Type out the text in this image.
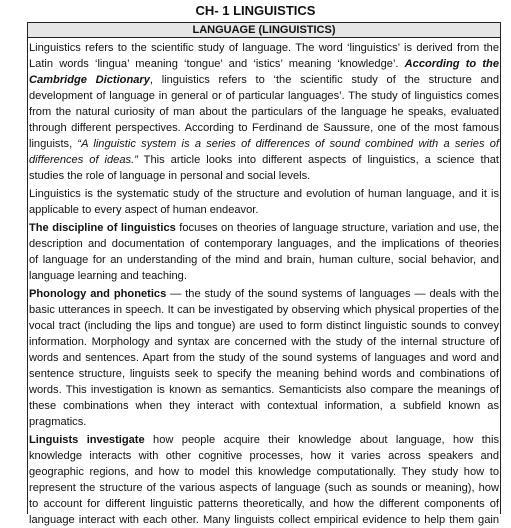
CH- 1 LINGUISTICS
LANGUAGE (LINGUISTICS)
Linguistics refers to the scientific study of language. The word ‘linguistics’ is derived from the
Latin words ‘lingua’ meaning ‘tongue’ and ‘istics’ meaning ‘knowledge’. According to the
Cambridge Dictionary, linguistics refers to ‘the scientific study of the structure and
development of language in general or of particular languages’. The study of linguistics comes
from the natural curiosity of man about the particulars of the language he speaks, evaluated
through different perspectives. According to Ferdinand de Saussure, one of the most famous
linguists, “A linguistic system is a series of differences of sound combined with a series of
differences of ideas.” This article looks into different aspects of linguistics, a science that
studies the role of language in personal and social levels.
Linguistics is the systematic study of the structure and evolution of human language, and it is
applicable to every aspect of human endeavor.
The discipline of linguistics focuses on theories of language structure, variation and use, the
description and documentation of contemporary languages, and the implications of theories
of language for an understanding of the mind and brain, human culture, social behavior, and
language learning and teaching.
Phonology and phonetics — the study of the sound systems of languages — deals with the
basic utterances in speech. It can be investigated by observing which physical properties of the
vocal tract (including the lips and tongue) are used to form distinct linguistic sounds to convey
information. Morphology and syntax are concerned with the study of the internal structure of
words and sentences. Apart from the study of the sound systems of languages and word and
sentence structure, linguists seek to specify the meaning behind words and combinations of
words. This investigation is known as semantics. Semanticists also compare the meanings of
these combinations when they interact with contextual information, a subfield known as
pragmatics.
Linguists investigate how people acquire their knowledge about language, how this
knowledge interacts with other cognitive processes, how it varies across speakers and
geographic regions, and how to model this knowledge computationally. They study how to
represent the structure of the various aspects of language (such as sounds or meaning), how
to account for different linguistic patterns theoretically, and how the different components of
language interact with each other. Many linguists collect empirical evidence to help them gain
